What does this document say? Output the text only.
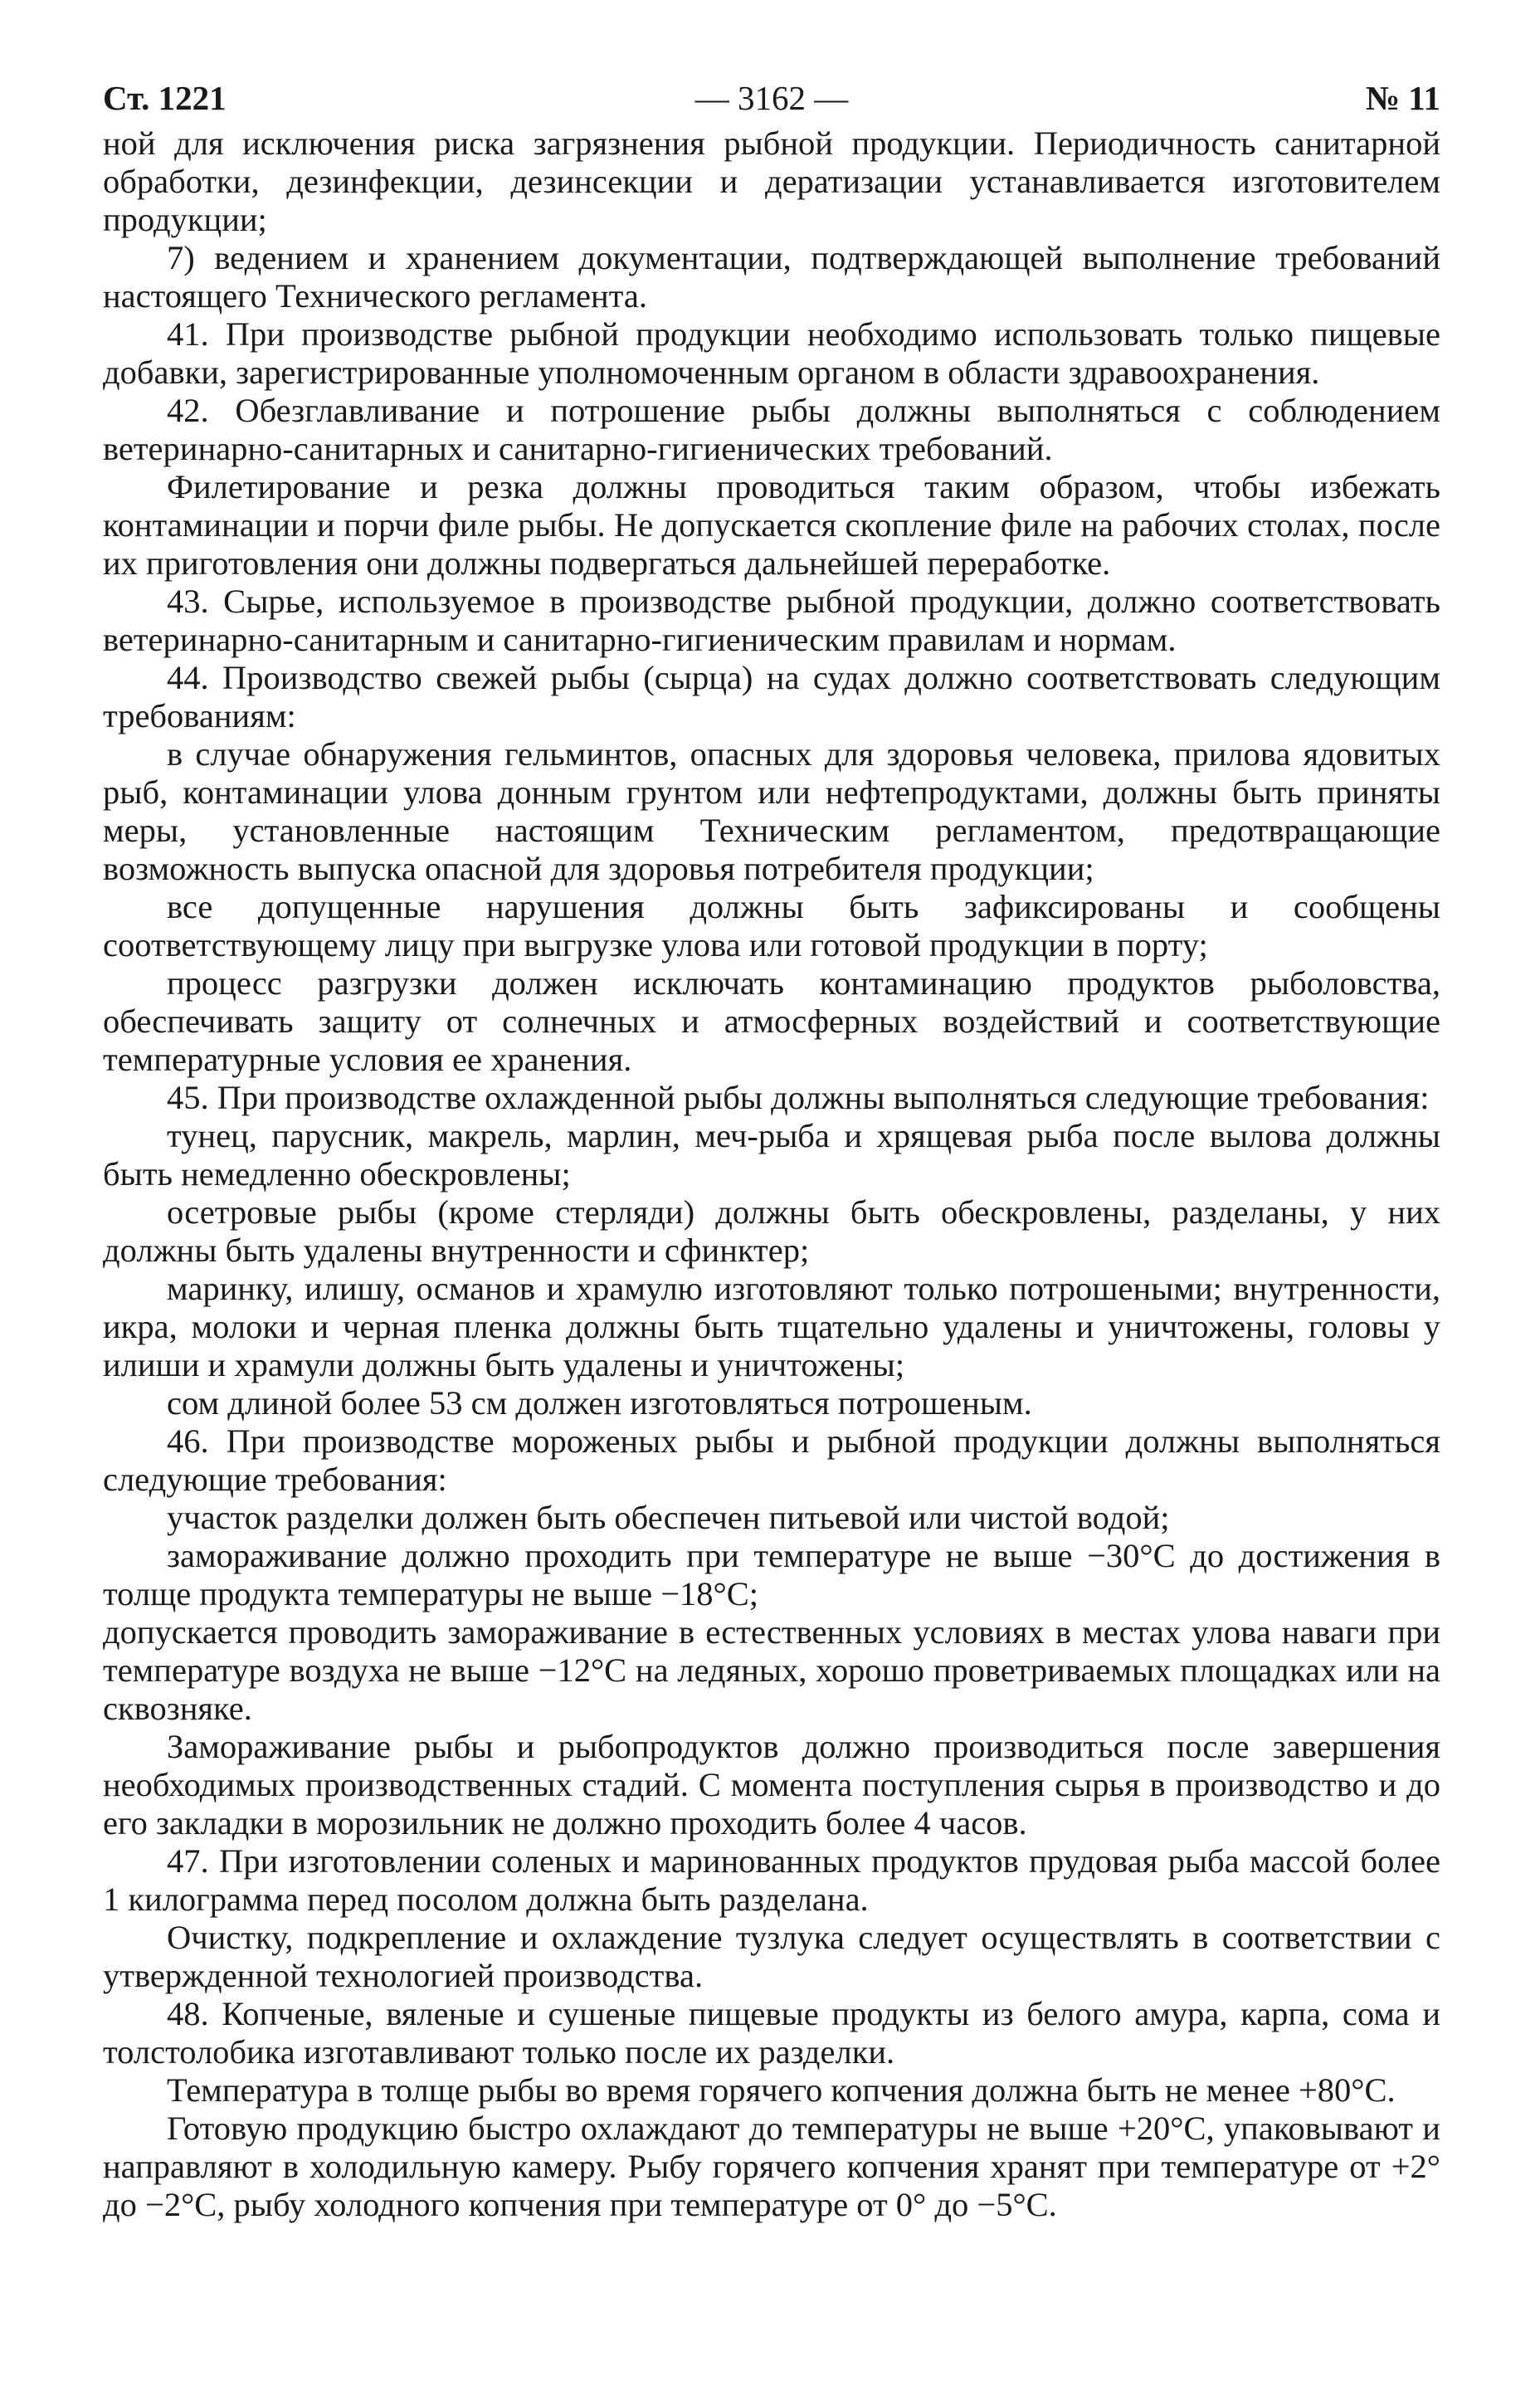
Ст. 1221	— 3162 —	№ 11

ной для исключения риска загрязнения рыбной продукции. Периодичность санитарной обработки, дезинфекции, дезинсекции и дератизации устанавливается изготовителем продукции;

7) ведением и хранением документации, подтверждающей выполнение требований настоящего Технического регламента.

41. При производстве рыбной продукции необходимо использовать только пищевые добавки, зарегистрированные уполномоченным органом в области здравоохранения.

42. Обезглавливание и потрошение рыбы должны выполняться с соблюдением ветеринарно-санитарных и санитарно-гигиенических требований.

Филетирование и резка должны проводиться таким образом, чтобы избежать контаминации и порчи филе рыбы. Не допускается скопление филе на рабочих столах, после их приготовления они должны подвергаться дальнейшей переработке.

43. Сырье, используемое в производстве рыбной продукции, должно соответствовать ветеринарно-санитарным и санитарно-гигиеническим правилам и нормам.

44. Производство свежей рыбы (сырца) на судах должно соответствовать следующим требованиям:

в случае обнаружения гельминтов, опасных для здоровья человека, прилова ядовитых рыб, контаминации улова донным грунтом или нефтепродуктами, должны быть приняты меры, установленные настоящим Техническим регламентом, предотвращающие возможность выпуска опасной для здоровья потребителя продукции;

все допущенные нарушения должны быть зафиксированы и сообщены соответствующему лицу при выгрузке улова или готовой продукции в порту;

процесс разгрузки должен исключать контаминацию продуктов рыболовства, обеспечивать защиту от солнечных и атмосферных воздействий и соответствующие температурные условия ее хранения.

45. При производстве охлажденной рыбы должны выполняться следующие требования:

тунец, парусник, макрель, марлин, меч-рыба и хрящевая рыба после вылова должны быть немедленно обескровлены;

осетровые рыбы (кроме стерляди) должны быть обескровлены, разделаны, у них должны быть удалены внутренности и сфинктер;

маринку, илишу, османов и храмулю изготовляют только потрошеными; внутренности, икра, молоки и черная пленка должны быть тщательно удалены и уничтожены, головы у илиши и храмули должны быть удалены и уничтожены;

сом длиной более 53 см должен изготовляться потрошеным.

46. При производстве мороженых рыбы и рыбной продукции должны выполняться следующие требования:

участок разделки должен быть обеспечен питьевой или чистой водой;

замораживание должно проходить при температуре не выше −30°С до достижения в толще продукта температуры не выше −18°С;

допускается проводить замораживание в естественных условиях в местах улова наваги при температуре воздуха не выше −12°С на ледяных, хорошо проветриваемых площадках или на сквозняке.

Замораживание рыбы и рыбопродуктов должно производиться после завершения необходимых производственных стадий. С момента поступления сырья в производство и до его закладки в морозильник не должно проходить более 4 часов.

47. При изготовлении соленых и маринованных продуктов прудовая рыба массой более 1 килограмма перед посолом должна быть разделана.

Очистку, подкрепление и охлаждение тузлука следует осуществлять в соответствии с утвержденной технологией производства.

48. Копченые, вяленые и сушеные пищевые продукты из белого амура, карпа, сома и толстолобика изготавливают только после их разделки.

Температура в толще рыбы во время горячего копчения должна быть не менее +80°С.

Готовую продукцию быстро охлаждают до температуры не выше +20°С, упаковывают и направляют в холодильную камеру. Рыбу горячего копчения хранят при температуре от +2° до −2°С, рыбу холодного копчения при температуре от 0° до −5°С.
